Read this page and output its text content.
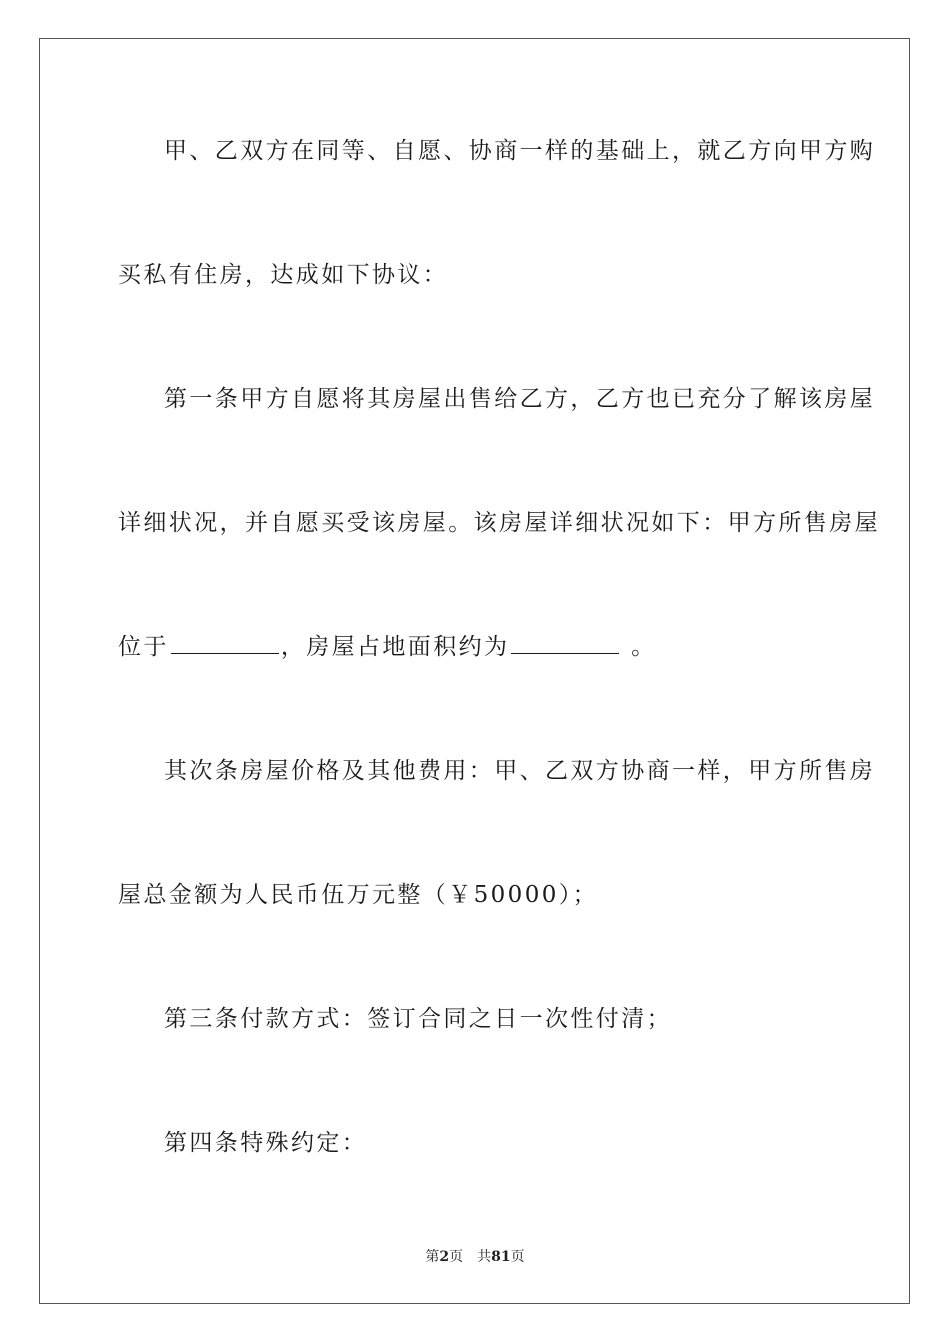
甲、乙双方在同等、自愿、协商一样的基础上，就乙方向甲方购
买私有住房，达成如下协议：
第一条甲方自愿将其房屋出售给乙方，乙方也已充分了解该房屋
详细状况，并自愿买受该房屋。该房屋详细状况如下：甲方所售房屋
位于	，房屋占地面积约为	。
其次条房屋价格及其他费用：甲、乙双方协商一样，甲方所售房
屋总金额为人民币伍万元整（￥50000）；
第三条付款方式：签订合同之日一次性付清；
第四条特殊约定：
第2页 共81页
